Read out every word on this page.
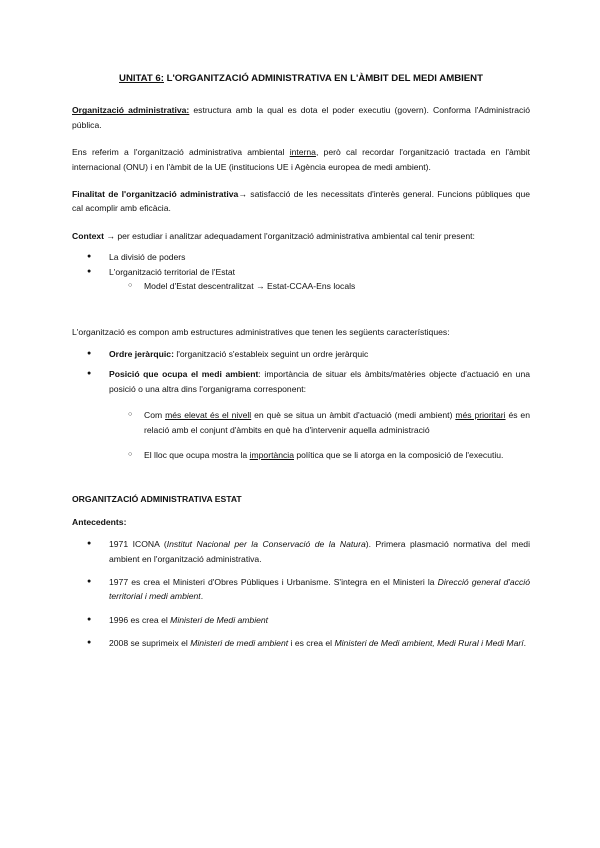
UNITAT 6: L'ORGANITZACIÓ ADMINISTRATIVA EN L'ÀMBIT DEL MEDI AMBIENT

Organització administrativa: estructura amb la qual es dota el poder executiu (govern). Conforma l'Administració pública.

Ens referim a l'organització administrativa ambiental interna, però cal recordar l'organització tractada en l'àmbit internacional (ONU) i en l'àmbit de la UE (institucions UE i Agència europea de medi ambient).

Finalitat de l'organització administrativa→ satisfacció de les necessitats d'interès general. Funcions públiques que cal acomplir amb eficàcia.

Context → per estudiar i analitzar adequadament l'organització administrativa ambiental cal tenir present:

● La divisió de poders
● L'organització territorial de l'Estat
○ Model d'Estat descentralitzat → Estat-CCAA-Ens locals

L'organització es compon amb estructures administratives que tenen les següents característiques:

● Ordre jeràrquic: l'organització s'estableix seguint un ordre jeràrquic
● Posició que ocupa el medi ambient: importància de situar els àmbits/matèries objecte d'actuació en una posició o una altra dins l'organigrama corresponent:
○ Com més elevat és el nivell en què se situa un àmbit d'actuació (medi ambient) més prioritari és en relació amb el conjunt d'àmbits en què ha d'intervenir aquella administració
○ El lloc que ocupa mostra la importància política que se li atorga en la composició de l'executiu.

ORGANITZACIÓ ADMINISTRATIVA ESTAT

Antecedents:

● 1971 ICONA (Institut Nacional per la Conservació de la Natura). Primera plasmació normativa del medi ambient en l'organització administrativa.
● 1977 es crea el Ministeri d'Obres Públiques i Urbanisme. S'integra en el Ministeri la Direcció general d'acció territorial i medi ambient.
● 1996 es crea el Ministeri de Medi ambient
● 2008 se suprimeix el Ministeri de medi ambient i es crea el Ministeri de Medi ambient, Medi Rural i Medi Marí.
